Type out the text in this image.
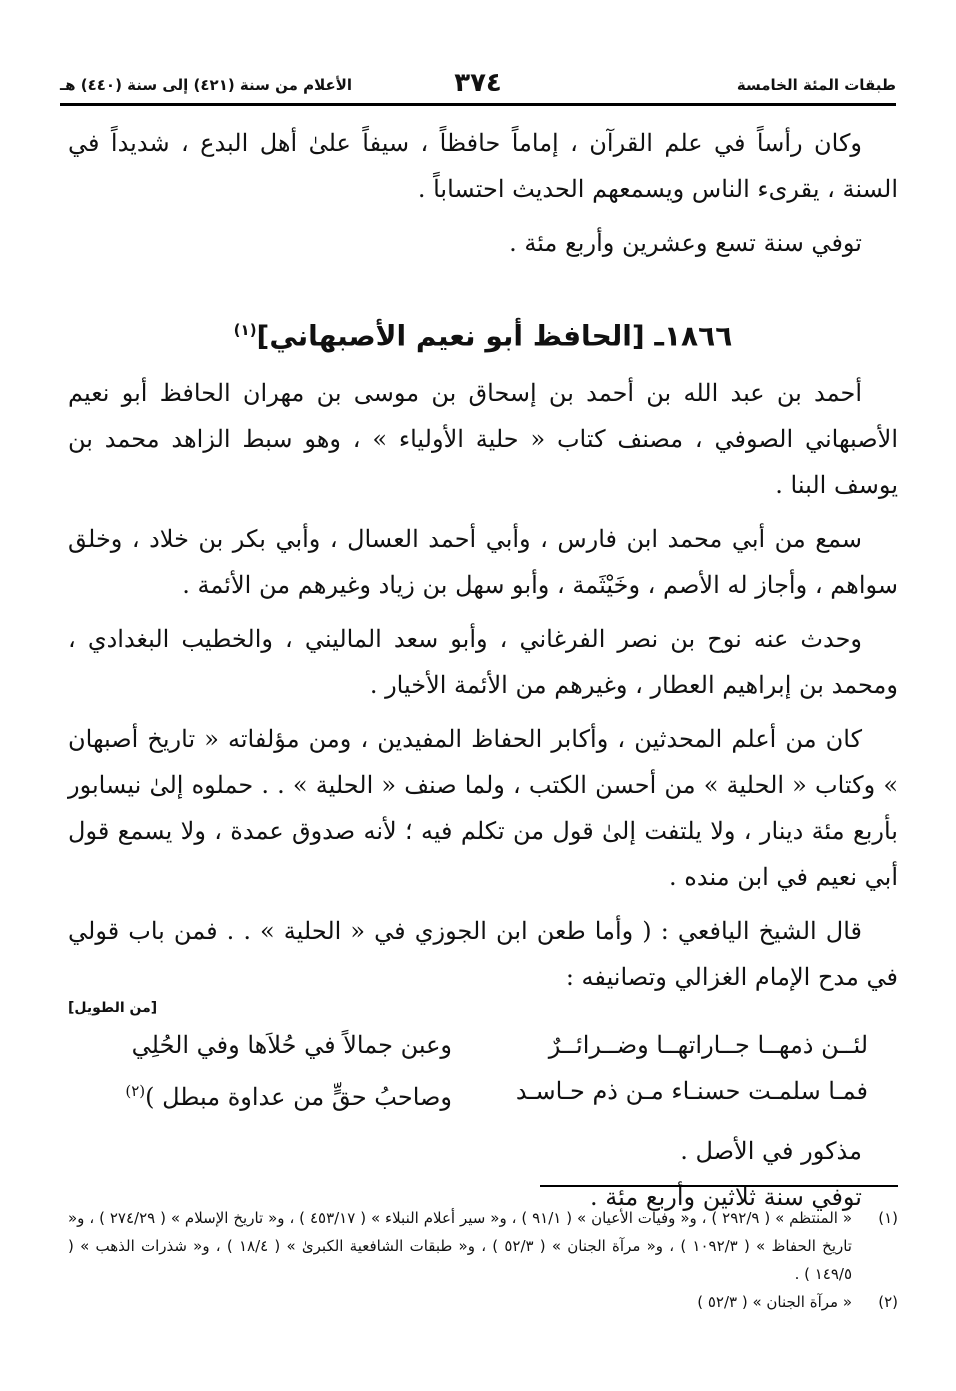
طبقات المئة الخامسة
٣٧٤
الأعلام من سنة (٤٢١) إلى سنة (٤٤٠) هـ

وكان رأساً في علم القرآن ، إماماً حافظاً ، سيفاً علىٰ أهل البدع ، شديداً في السنة ، يقرىء الناس ويسمعهم الحديث احتساباً .

توفي سنة تسع وعشرين وأربع مئة .

١٨٦٦ـ [الحافظ أبو نعيم الأصبهاني]$^{(١)}$

أحمد بن عبد الله بن أحمد بن إسحاق بن موسى بن مهران الحافظ أبو نعيم الأصبهاني الصوفي ، مصنف كتاب « حلية الأولياء » ، وهو سبط الزاهد محمد بن يوسف البنا .

سمع من أبي محمد ابن فارس ، وأبي أحمد العسال ، وأبي بكر بن خلاد ، وخلق سواهم ، وأجاز له الأصم ، وخَيْثَمة ، وأبو سهل بن زياد وغيرهم من الأئمة .

وحدث عنه نوح بن نصر الفرغاني ، وأبو سعد الماليني ، والخطيب البغدادي ، ومحمد بن إبراهيم العطار ، وغيرهم من الأئمة الأخيار .

كان من أعلم المحدثين ، وأكابر الحفاظ المفيدين ، ومن مؤلفاته « تاريخ أصبهان » وكتاب « الحلية » من أحسن الكتب ، ولما صنف « الحلية » . . حملوه إلىٰ نيسابور بأربع مئة دينار ، ولا يلتفت إلىٰ قول من تكلم فيه ؛ لأنه صدوق عمدة ، ولا يسمع قول أبي نعيم في ابن منده .

قال الشيخ اليافعي : ( وأما طعن ابن الجوزي في « الحلية » . . فمن باب قولي في مدح الإمام الغزالي وتصانيفه :

[من الطويل]
لئــن ذمهــا جــاراتهــا وضــرائــرٌ
وعبن جمالاً في حُلاَها وفي الحُلِي
فمـا سلمـت حسنـاء مـن ذم حـاسـد
وصاحبُ حقٍّ من عداوة مبطل )$^{(٢)}$

مذكور في الأصل .

توفي سنة ثلاثين وأربع مئة .

(١)
« المنتظم » ( ٢٩٢/٩ ) ، و« وفيات الأعيان » ( ٩١/١ ) ، و« سير أعلام النبلاء » ( ٤٥٣/١٧ ) ، و« تاريخ الإسلام » ( ٢٧٤/٢٩ ) ، و« تاريخ الحفاظ » ( ١٠٩٢/٣ ) ، و« مرآة الجنان » ( ٥٢/٣ ) ، و« طبقات الشافعية الكبرىٰ » ( ١٨/٤ ) ، و« شذرات الذهب » ( ١٤٩/٥ ) .
(٢)
« مرآة الجنان » ( ٥٢/٣ )
